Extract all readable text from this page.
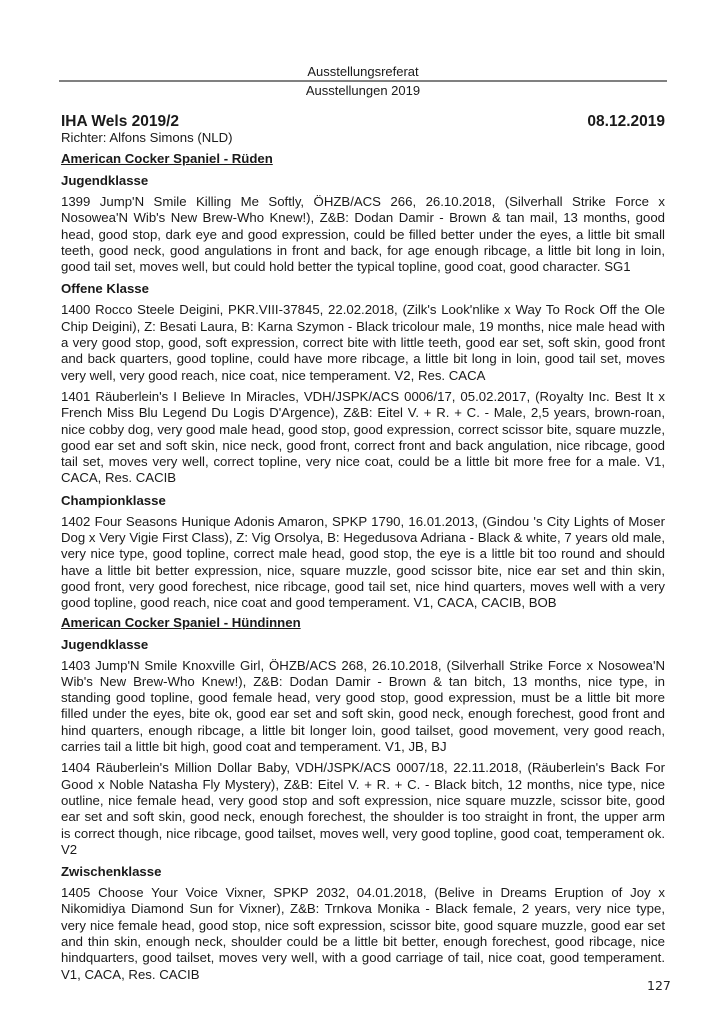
Ausstellungsreferat
Ausstellungen 2019
IHA Wels 2019/2	08.12.2019
Richter: Alfons Simons (NLD)
American Cocker Spaniel - Rüden
Jugendklasse
1399 Jump'N Smile Killing Me Softly, ÖHZB/ACS 266, 26.10.2018, (Silverhall Strike Force x Nosowea'N Wib's New Brew-Who Knew!), Z&B: Dodan Damir - Brown & tan mail, 13 months, good head, good stop, dark eye and good expression, could be filled better under the eyes, a little bit small teeth, good neck, good angulations in front and back, for age enough ribcage, a little bit long in loin, good tail set, moves well, but could hold better the typical topline, good coat, good character. SG1
Offene Klasse
1400 Rocco Steele Deigini, PKR.VIII-37845, 22.02.2018, (Zilk's Look'nlike x Way To Rock Off the Ole Chip Deigini), Z: Besati Laura, B: Karna Szymon - Black tricolour male, 19 months, nice male head with a very good stop, good, soft expression, correct bite with little teeth, good ear set, soft skin, good front and back quarters, good topline, could have more ribcage, a little bit long in loin, good tail set, moves very well, very good reach, nice coat, nice temperament. V2, Res. CACA
1401 Räuberlein's I Believe In Miracles, VDH/JSPK/ACS 0006/17, 05.02.2017, (Royalty Inc. Best It x French Miss Blu Legend Du Logis D'Argence), Z&B: Eitel V. + R. + C. - Male, 2,5 years, brown-roan, nice cobby dog, very good male head, good stop, good expression, correct scissor bite, square muzzle, good ear set and soft skin, nice neck, good front, correct front and back angulation, nice ribcage, good tail set, moves very well, correct topline, very nice coat, could be a little bit more free for a male. V1, CACA, Res. CACIB
Championklasse
1402 Four Seasons Hunique Adonis Amaron, SPKP 1790, 16.01.2013, (Gindou 's City Lights of Moser Dog x Very Vigie First Class), Z: Vig Orsolya, B: Hegedusova Adriana - Black & white, 7 years old male, very nice type, good topline, correct male head, good stop, the eye is a little bit too round and should have a little bit better expression, nice, square muzzle, good scissor bite, nice ear set and thin skin, good front, very good forechest, nice ribcage, good tail set, nice hind quarters, moves well with a very good topline, good reach, nice coat and good temperament. V1, CACA, CACIB, BOB
American Cocker Spaniel - Hündinnen
Jugendklasse
1403 Jump'N Smile Knoxville Girl, ÖHZB/ACS 268, 26.10.2018, (Silverhall Strike Force x Nosowea'N Wib's New Brew-Who Knew!), Z&B: Dodan Damir - Brown & tan bitch, 13 months, nice type, in standing good topline, good female head, very good stop, good expression, must be a little bit more filled under the eyes, bite ok, good ear set and soft skin, good neck, enough forechest, good front and hind quarters, enough ribcage, a little bit longer loin, good tailset, good movement, very good reach, carries tail a little bit high, good coat and temperament. V1, JB, BJ
1404 Räuberlein's Million Dollar Baby, VDH/JSPK/ACS 0007/18, 22.11.2018, (Räuberlein's Back For Good x Noble Natasha Fly Mystery), Z&B: Eitel V. + R. + C. - Black bitch, 12 months, nice type, nice outline, nice female head, very good stop and soft expression, nice square muzzle, scissor bite, good ear set and soft skin, good neck, enough forechest, the shoulder is too straight in front, the upper arm is correct though, nice ribcage, good tailset, moves well, very good topline, good coat, temperament ok. V2
Zwischenklasse
1405 Choose Your Voice Vixner, SPKP 2032, 04.01.2018, (Belive in Dreams Eruption of Joy x Nikomidiya Diamond Sun for Vixner), Z&B: Trnkova Monika - Black female, 2 years, very nice type, very nice female head, good stop, nice soft expression, scissor bite, good square muzzle, good ear set and thin skin, enough neck, shoulder could be a little bit better, enough forechest, good ribcage, nice hindquarters, good tailset, moves very well, with a good carriage of tail, nice coat, good temperament. V1, CACA, Res. CACIB
127
